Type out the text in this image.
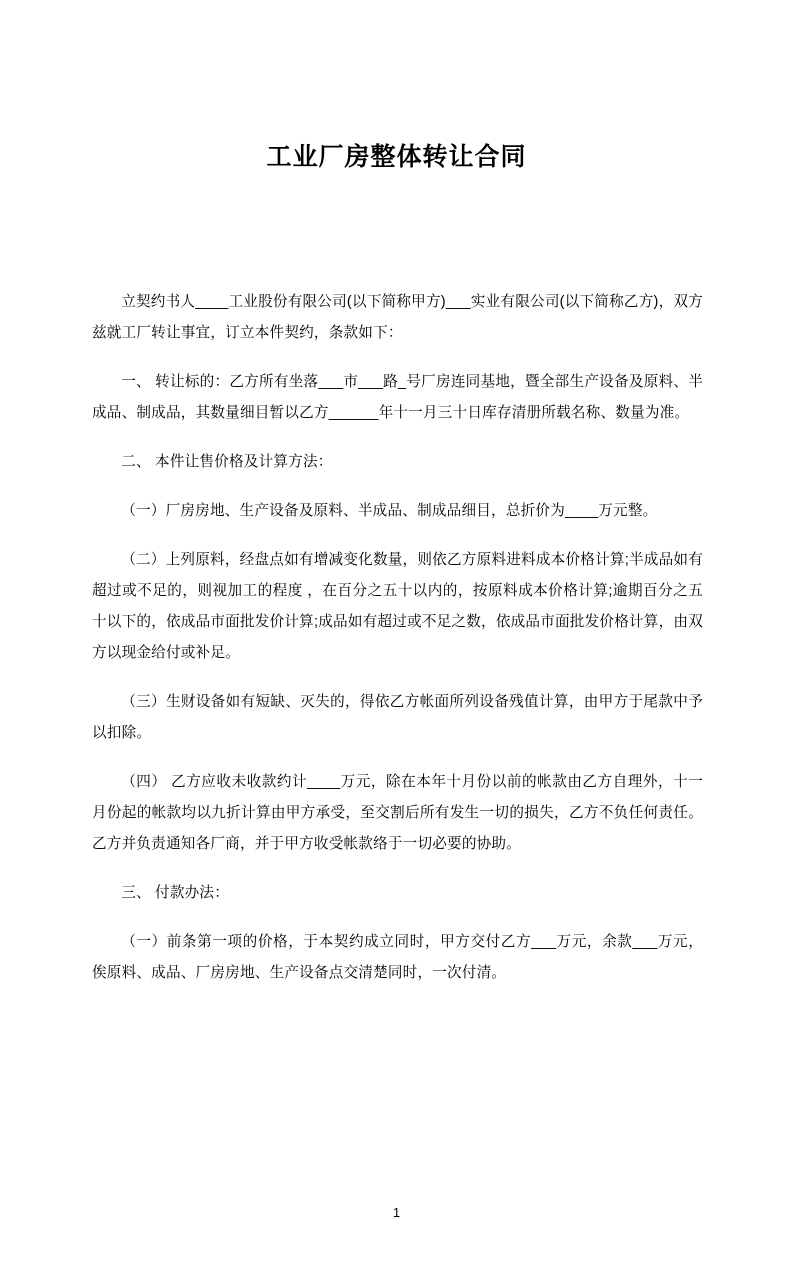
工业厂房整体转让合同

立契约书人____工业股份有限公司(以下简称甲方)___实业有限公司(以下简称乙方)，双方兹就工厂转让事宜，订立本件契约，条款如下：

一、 转让标的：乙方所有坐落___市___路_号厂房连同基地，暨全部生产设备及原料、半成品、制成品，其数量细目暂以乙方______年十一月三十日库存清册所载名称、数量为准。

二、 本件让售价格及计算方法：

（一）厂房房地、生产设备及原料、半成品、制成品细目，总折价为____万元整。

（二）上列原料，经盘点如有增减变化数量，则依乙方原料进料成本价格计算;半成品如有超过或不足的，则视加工的程度 ，在百分之五十以内的，按原料成本价格计算;逾期百分之五十以下的，依成品市面批发价计算;成品如有超过或不足之数，依成品市面批发价格计算，由双方以现金给付或补足。

（三）生财设备如有短缺、灭失的，得依乙方帐面所列设备残值计算，由甲方于尾款中予以扣除。

（四） 乙方应收未收款约计____万元，除在本年十月份以前的帐款由乙方自理外，十一月份起的帐款均以九折计算由甲方承受，至交割后所有发生一切的损失，乙方不负任何责任。乙方并负责通知各厂商，并于甲方收受帐款络于一切必要的协助。

三、 付款办法：

（一）前条第一项的价格，于本契约成立同时，甲方交付乙方___万元，余款___万元，俟原料、成品、厂房房地、生产设备点交清楚同时，一次付清。

1
